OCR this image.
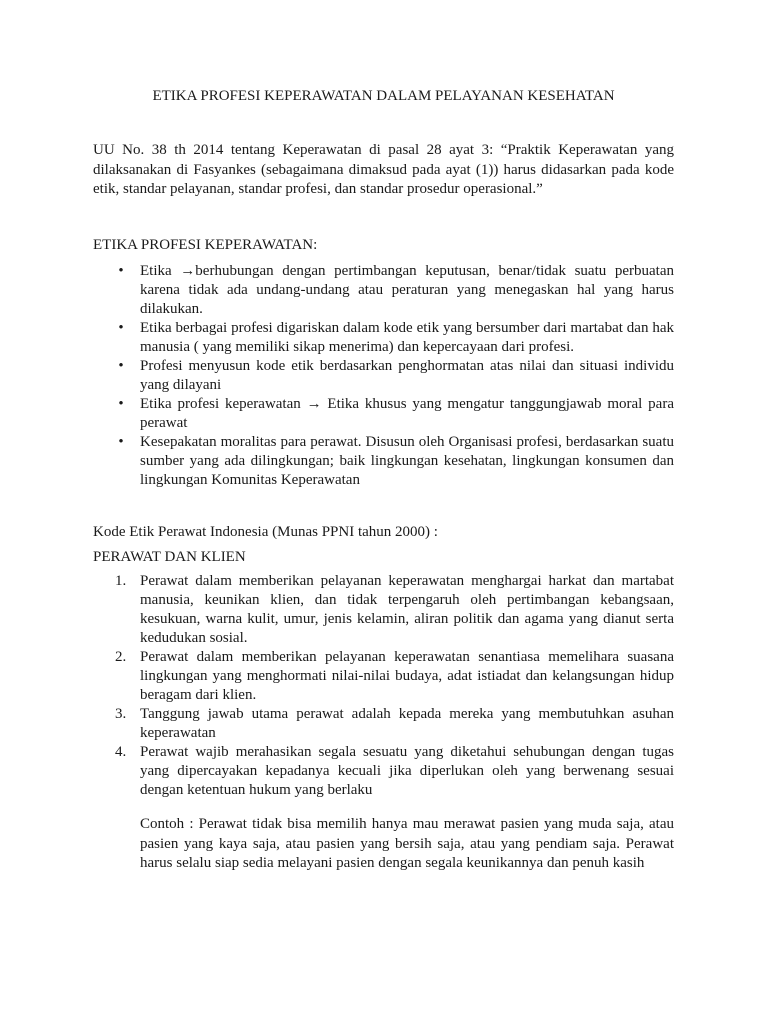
ETIKA PROFESI KEPERAWATAN DALAM PELAYANAN KESEHATAN

UU No. 38 th 2014 tentang Keperawatan di pasal 28 ayat 3: “Praktik Keperawatan yang dilaksanakan di Fasyankes (sebagaimana dimaksud pada ayat (1)) harus didasarkan pada kode etik, standar pelayanan, standar profesi, dan standar prosedur operasional.”

ETIKA PROFESI KEPERAWATAN:

• Etika →berhubungan dengan pertimbangan keputusan, benar/tidak suatu perbuatan karena tidak ada undang-undang atau peraturan yang menegaskan hal yang harus dilakukan.
• Etika berbagai profesi digariskan dalam kode etik yang bersumber dari martabat dan hak manusia ( yang memiliki sikap menerima) dan kepercayaan dari profesi.
• Profesi menyusun kode etik berdasarkan penghormatan atas nilai dan situasi individu yang dilayani
• Etika profesi keperawatan → Etika khusus yang mengatur tanggungjawab moral para perawat
• Kesepakatan moralitas para perawat. Disusun oleh Organisasi profesi, berdasarkan suatu sumber yang ada dilingkungan; baik lingkungan kesehatan, lingkungan konsumen dan lingkungan Komunitas Keperawatan

Kode Etik Perawat Indonesia (Munas PPNI tahun 2000) :

PERAWAT DAN KLIEN

1. Perawat dalam memberikan pelayanan keperawatan menghargai harkat dan martabat manusia, keunikan klien, dan tidak terpengaruh oleh pertimbangan kebangsaan, kesukuan, warna kulit, umur, jenis kelamin, aliran politik dan agama yang dianut serta kedudukan sosial.
2. Perawat dalam memberikan pelayanan keperawatan senantiasa memelihara suasana lingkungan yang menghormati nilai-nilai budaya, adat istiadat dan kelangsungan hidup beragam dari klien.
3. Tanggung jawab utama perawat adalah kepada mereka yang membutuhkan asuhan keperawatan
4. Perawat wajib merahasikan segala sesuatu yang diketahui sehubungan dengan tugas yang dipercayakan kepadanya kecuali jika diperlukan oleh yang berwenang sesuai dengan ketentuan hukum yang berlaku

Contoh : Perawat tidak bisa memilih hanya mau merawat pasien yang muda saja, atau pasien yang kaya saja, atau pasien yang bersih saja, atau yang pendiam saja. Perawat harus selalu siap sedia melayani pasien dengan segala keunikannya dan penuh kasih
